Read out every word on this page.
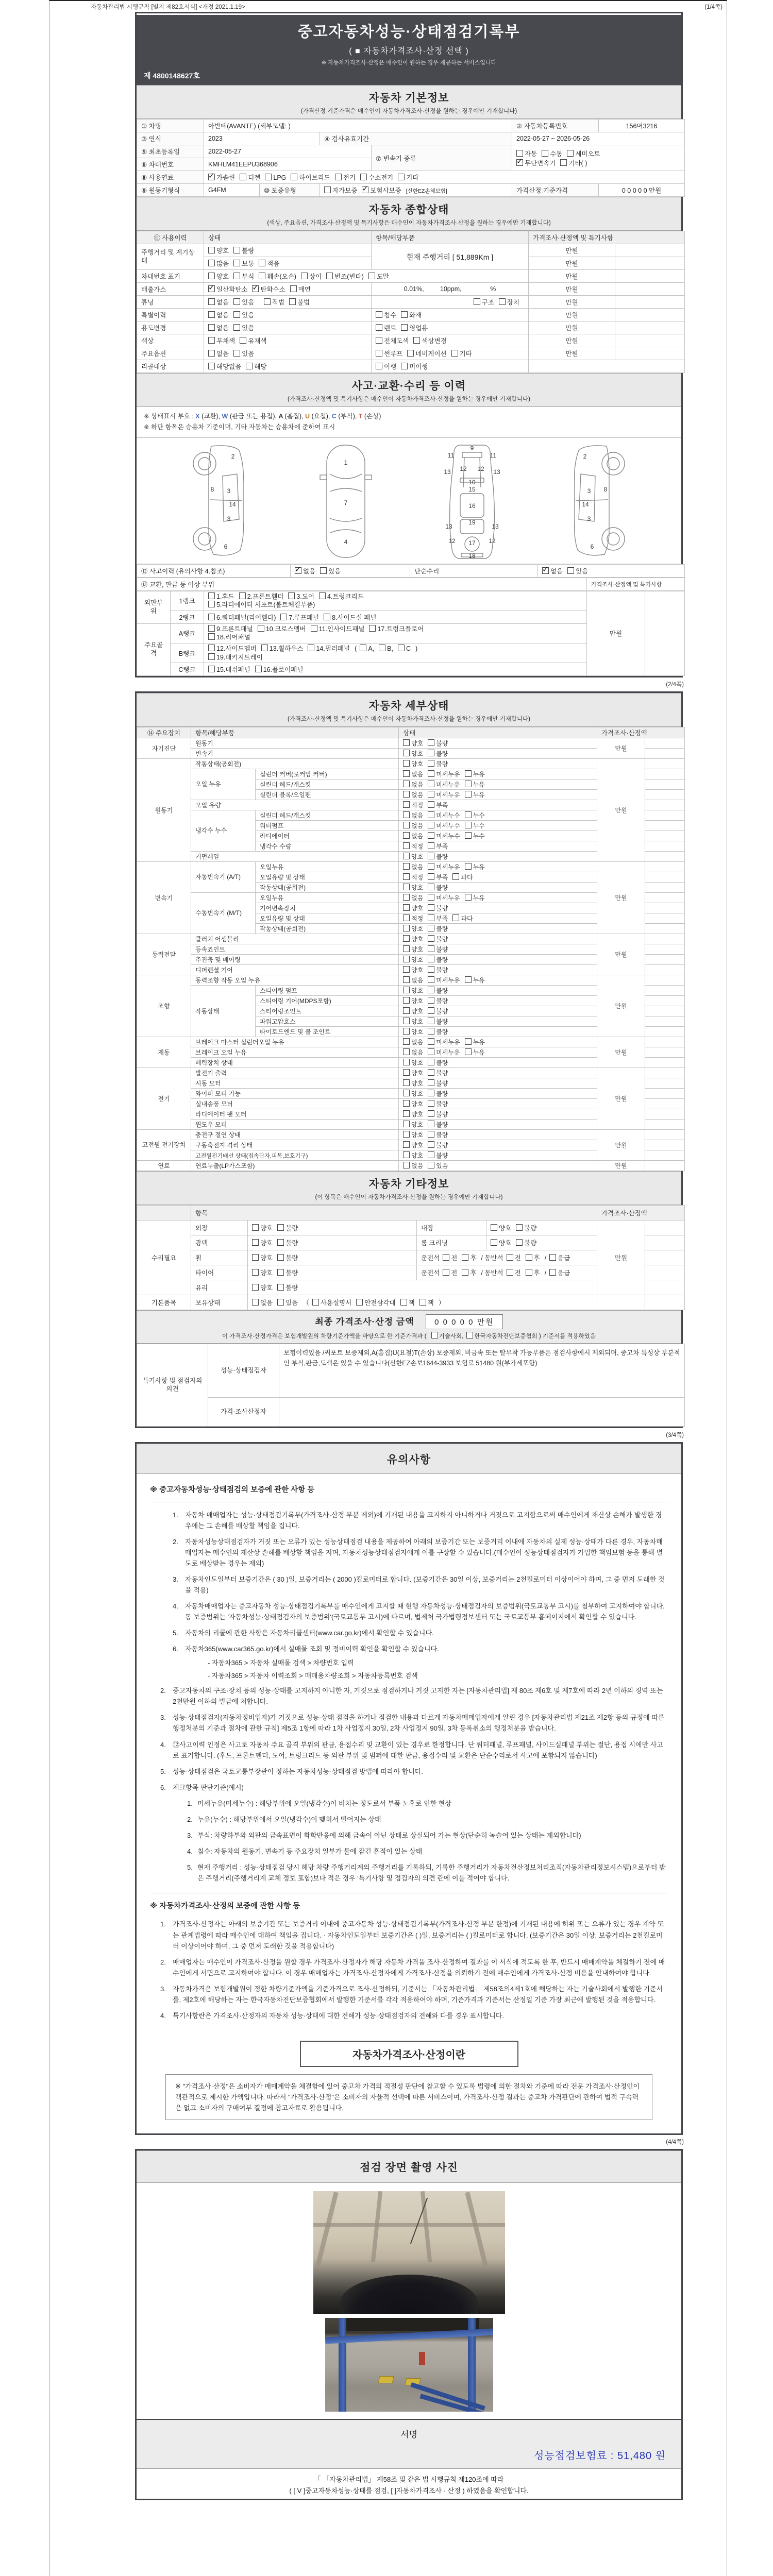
자동차관리법 시행규칙 [별지 제82호서식] <개정 2021.1.19>	(1/4쪽)
중고자동차성능·상태점검기록부
( ■ 자동차가격조사·산정 선택 )
※ 자동차가격조사·산정은 매수인이 원하는 경우 제공하는 서비스입니다
제 4800148627호
자동차 기본정보
(가격산정 기준가격은 매수인이 자동차가격조사·산정을 원하는 경우에만 기재합니다)
① 차명	아반떼(AVANTE) (세부모델: )				② 자동차등록번호	156머3216
③ 연식	2023		④ 검사유효기간		2022-05-27 ~ 2026-05-26	
⑤ 최초등록일	2022-05-27			⑦ 변속기 종류	자동 수동 세미오토
✓무단변속기 기타( )
⑥ 차대번호	KMHLM41EEPU368906					
⑧ 사용연료	✓가솔린 디젤 LPG 하이브리드 전기 수소전기 기타
⑨ 원동기형식	G4FM	⑩ 보증유형	자가보증 ✓ 보험사보증 [신한EZ손해보험]		가격산정 기준가격	0 0 0 0 0 만원
자동차 종합상태
(색상, 주요옵션, 가격조사·산정액 및 특기사항은 매수인이 자동차가격조사·산정을 원하는 경우에만 기재합니다)
⑪ 사용이력	상태	항목/해당부품	가격조사·산정액 및 특기사항	
주행거리 및 계기상태	양호 불량	현재 주행거리 [ 51,889Km ]	만원	
	많음 보통 적음		만원	
차대번호 표기	양호 부식 훼손(오손) 상이 변조(변타) 도말		만원	
배출가스	✓일산화탄소 ✓ 탄화수소 매연	0.01%,         10ppm,                %	만원	
튜닝	없음 있음 적법 불법	구조 장치	만원	
특별이력	없음 있음	침수 화재	만원	
용도변경	없음 있음	렌트 영업용	만원	
색상	무채색 유채색	전체도색 색상변경	만원	
주요옵션	없음 있음	썬루프 네비게이션 기타	만원	
리콜대상	해당없음 해당	이행 미이행		
사고·교환·수리 등 이력
(가격조사·산정액 및 특기사항은 매수인이 자동차가격조사·산정을 원하는 경우에만 기재합니다)
※ 상태표시 부호 : X (교환), W (판금 또는 용접), A (흠집), U (요철), C (부식), T (손상)
※ 하단 항목은 승용차 기준이며, 기타 자동차는 승용차에 준하여 표시
2
8 3
14
3
6
1
7
4
9
11	11
12 12
13	13
10
15
16
19
13	13
12 17 12
18
2
3 8
14
3
6
⑫ 사고이력 (유의사항 4.참조)	✓없음 있음	단순수리	✓없음 있음
⑬ 교환, 판금 등 이상 부위	가격조사·산정액 및 특기사항
외판부위	1랭크	1.후드 2.프론트휀더 3.도어 4.트렁크리드
5.라디에이터 서포트(볼트체결부품)	만원	
	2랭크	6.쿼터패널(리어휀다) 7.루프패널 8.사이드실 패널		
주요골격	A랭크	9.프론트패널 10.크로스멤버 11.인사이드패널 17.트렁크플로어
18.리어패널		
	B랭크	12.사이드멤버 13.휠하우스 14.필러패널 ( A, B, C )
19.패키지트레이		
	C랭크	15.대쉬패널 16.플로어패널		
(2/4쪽)
자동차 세부상태
(가격조사·산정액 및 특기사항은 매수인이 자동차가격조사·산정을 원하는 경우에만 기재합니다)
⑭ 주요장치	항목/해당부품		상태	가격조사·산정액	
자기진단	원동기		양호 불량	만원	
	변속기		양호 불량		
원동기	작동상태(공회전)		양호 불량	만원	
	오일 누유	실린더 커버(로커암 커버)	없음 미세누유 누유		
		실린더 헤드/개스킷	없음 미세누유 누유		
		실린더 블록/오일팬	없음 미세누유 누유		
	오일 유량		적정 부족		
	냉각수 누수	실린더 헤드/개스킷	없음 미세누수 누수		
		워터펌프	없음 미세누수 누수		
		라디에이터	없음 미세누수 누수		
		냉각수 수량	적정 부족		
	커먼레일		양호 불량		
변속기	자동변속기 (A/T)	오일누유	없음 미세누유 누유	만원	
		오일유량 및 상태	적정 부족 과다		
		작동상태(공회전)	양호 불량		
	수동변속기 (M/T)	오일누유	없음 미세누유 누유		
		기어변속장치	양호 불량		
		오일유량 및 상태	적정 부족 과다		
		작동상태(공회전)	양호 불량		
동력전달	클러치 어셈블리		양호 불량	만원	
	등속죠인트		양호 불량		
	추진축 및 베어링		양호 불량		
	디퍼렌셜 기어		양호 불량		
조향	동력조향 작동 오일 누유		없음 미세누유 누유	만원	
	작동상태	스티어링 펌프	양호 불량		
		스티어링 기어(MDPS포함)	양호 불량		
		스티어링조인트	양호 불량		
		파워고압호스	양호 불량		
		타이로드엔드 및 볼 조인트	양호 불량		
제동	브레이크 마스터 실린더오일 누유		없음 미세누유 누유	만원	
	브레이크 오일 누유		없음 미세누유 누유		
	배력장치 상태		양호 불량		
전기	발전기 출력		양호 불량	만원	
	시동 모터		양호 불량		
	와이퍼 모터 기능		양호 불량		
	실내송풍 모터		양호 불량		
	라디에이터 팬 모터		양호 불량		
	윈도우 모터		양호 불량		
고전원 전기장치	충전구 절연 상태		양호 불량	만원	
	구동축전지 격리 상태		양호 불량		
	고전원전기배선 상태(접속단자,피복,보호기구)		양호 불량		
연료	연료누출(LP가스포함)		없음 있음	만원	
자동차 기타정보
(이 항목은 매수인이 자동차가격조사·산정을 원하는 경우에만 기재합니다)
	항목				가격조사·산정액	
수리필요	외장	양호 불량	내장	양호 불량	만원	
	광택	양호 불량	룸 크리닝	양호 불량		
	휠	양호 불량	운전석 전 후 / 동반석 전 후 / 응급			
	타이어	양호 불량	운전석 전 후 / 동반석 전 후 / 응급			
	유리	양호 불량				
기본품목	보유상태	없음 있음 （ 사용설명서 안전삼각대 잭 잭 ）				
최종 가격조사·산정 금액	0 0 0 0 0 만원
이 가격조사·산정가격은 보험개발원의 차량기준가액을 바탕으로 한 기준가격과 ( 기술사회, 한국자동차진단보증협회 ) 기준서를 적용하였음
특기사항 및 점검자의 의견	성능·상태점검자	보험이력있음 /써포트 보증제외,A(흠집)U(요철)T(손상) 보증제외, 비금속 또는 탈부착 가능부품은 점검사항에서 제외되며, 중고차 특성상 부분적인 부식,판금,도색은 있을 수 있습니다(신한EZ손보1644-3933 보험료 51480 원(부가세포함)
	가격·조사산정자	
(3/4쪽)
유의사항
※ 중고자동차성능·상태점검의 보증에 관한 사항 등
1.	자동차 매매업자는 성능·상태점검기록부(가격조사·산정 부분 제외)에 기재된 내용을 고지하지 아니하거나 거짓으로 고지함으로써 매수인에게 재산상 손해가 발생한 경우에는 그 손해를 배상할 책임을 집니다.
2.	자동차성능상태점검자가 거짓 또는 오류가 있는 성능상태점검 내용을 제공하여 아래의 보증기간 또는 보증거리 이내에 자동차의 실제 성능·상태가 다른 경우, 자동차매매업자는 매수인의 재산상 손해를 배상할 책임을 지며, 자동차성능상태점검자에게 이를 구상할 수 있습니다.(매수인이 성능상태점검자가 가입한 책임보험 등을 통해 별도로 배상받는 경우는 제외)
3.	자동차인도일부터 보증기간은 ( 30 )일, 보증거리는 ( 2000 )킬로미터로 합니다. (보증기간은 30일 이상, 보증거리는 2천킬로미터 이상이어야 하며, 그 중 먼저 도래한 것을 적용)
4.	자동차매매업자는 중고자동차 성능·상태점검기록부를 매수인에게 고지할 때 현행 자동차성능·상태점검자의 보증범위(국토교통부 고시)를 첨부하여 고지하여야 합니다. 동 보증범위는 '자동차성능·상태점검자의 보증범위'(국토교통부 고시)에 따르며, 법제처 국가법령정보센터 또는 국토교통부 홈페이지에서 확인할 수 있습니다.
5.	자동차의 리콜에 관한 사항은 자동차리콜센터(www.car.go.kr)에서 확인할 수 있습니다.
6.	자동차365(www.car365.go.kr)에서 실매물 조회 및 정비이력 확인을 확인할 수 있습니다.
- 자동차365 > 자동차 실매물 검색 > 차량번호 입력
- 자동차365 > 자동차 이력조회 > 매매용차량조회 > 자동차등록번호 검색
2.	중고자동차의 구조·장치 등의 성능·상태를 고지하지 아니한 자, 거짓으로 점검하거나 거짓 고지한 자는 [자동차관리법] 제 80조 제6호 및 제7호에 따라 2년 이하의 징역 또는 2천만원 이하의 벌금에 처합니다.
3.	성능·상태점검자(자동차정비업자)가 거짓으로 성능·상태 점검을 하거나 점검한 내용과 다르게 자동차매매업자에게 알린 경우 [자동차관리법 제21조 제2항 등의 규정에 따른 행정처분의 기준과 절차에 관한 규칙] 제5조 1항에 따라 1차 사업정지 30일, 2차 사업정지 90일, 3차 등록취소의 행정처분을 받습니다.
4.	⑫사고이력 인정은 사고로 자동차 주요 골격 부위의 판금, 용접수리 및 교환이 있는 경우로 한정합니다. 단 쿼터패널, 루프패널, 사이드실패널 부위는 절단, 용접 시에만 사고로 표기합니다. (후드, 프론트펜더, 도어, 트렁크리드 등 외판 부위 및 범퍼에 대한 판금, 용접수리 및 교환은 단순수리로서 사고에 포함되지 않습니다)
5.	성능·상태점검은 국토교통부장관이 정하는 자동차성능·상태점검 방법에 따라야 합니다.
6.	체크항목 판단기준(예시)
1. 미세누유(미세누수) : 해당부위에 오일(냉각수)이 비치는 정도로서 부품 노후로 인한 현상
2. 누유(누수) : 해당부위에서 오일(냉각수)이 맺혀서 떨어지는 상태
3. 부식: 차량하부와 외판의 금속표면이 화학반응에 의해 금속이 아닌 상태로 상실되어 가는 현상(단순히 녹슬어 있는 상태는 제외합니다)
4. 침수: 자동차의 원동기, 변속기 등 주요장치 일부가 물에 잠긴 흔적이 있는 상태
5. 현재 주행거리 : 성능·상태점검 당시 해당 차량 주행거리계의 주행거리를 기록하되, 기록한 주행거리가 자동차전산정보처리조직(자동차관리정보시스템)으로부터 받은 주행거리(주행거리계 교체 정보 포함)보다 적은 경우 '특기사항 및 점검자의 의견 란에 이를 적어야 합니다.
※ 자동차가격조사·산정의 보증에 관한 사항 등
1.	가격조사·산정자는 아래의 보증기간 또는 보증거리 이내에 중고자동차 성능·상태점검기록부(가격조사·산정 부분 한정)에 기재된 내용에 허위 또는 오류가 있는 경우 계약 또는 관계법령에 따라 매수인에 대하여 책임을 집니다. · 자동차인도일부터 보증기간은 ( )일, 보증거리는 ( )킬로미터로 합니다. (보증기간은 30일 이상, 보증거리는 2천킬로미터 이상이어야 하며, 그 중 먼저 도래한 것을 적용합니다)
2.	매매업자는 매수인이 가격조사·산정을 원할 경우 가격조사·산정자가 해당 자동차 가격을 조사·산정하여 결과를 이 서식에 적도록 한 후, 반드시 매매계약을 체결하기 전에 매수인에게 서면으로 고지하여야 합니다. 이 경우 매매업자는 가격조사·산정자에게 가격조사·산정을 의뢰하기 전에 매수인에게 가격조사·산정 비용을 안내하여야 합니다.
3.	자동차가격은 보험개발원이 정한 차량기준가액을 기준가격으로 조사·산정하되, 기준서는 「자동차관리법」 제58조의4제1호에 해당하는 자는 기술사회에서 발행한 기준서를, 제2호에 해당하는 자는 한국자동차진단보증협회에서 발행한 기준서를 각각 적용하여야 하며, 기준가격과 기준서는 산정일 기준 가장 최근에 발행된 것을 적용합니다.
4.	특기사항란은 가격조사·산정자의 자동차 성능·상태에 대한 견해가 성능·상태점검자의 견해와 다를 경우 표시합니다.
자동차가격조사·산정이란
※ "가격조사·산정"은 소비자가 매매계약을 체결함에 있어 중고차 가격의 적절성 판단에 참고할 수 있도록 법령에 의한 절차와 기준에 따라 전문 가격조사·산정인이 객관적으로 제시한 가액입니다. 따라서 "가격조사·산정"은 소비자의 자율적 선택에 따른 서비스이며, 가격조사·산정 결과는 중고차 가격판단에 관하여 법적 구속력은 없고 소비자의 구매여부 결정에 참고자료로 활용됩니다.
(4/4쪽)
점검 장면 촬영 사진
서명
성능점검보험료 : 51,480 원
「 「자동차관리법」 제58조 및 같은 법 시행규칙 제120조에 따라
( [ V ]중고자동차성능·상태를 점검, [ ]자동차가격조사 · 산정 ) 하였음을 확인합니다.
